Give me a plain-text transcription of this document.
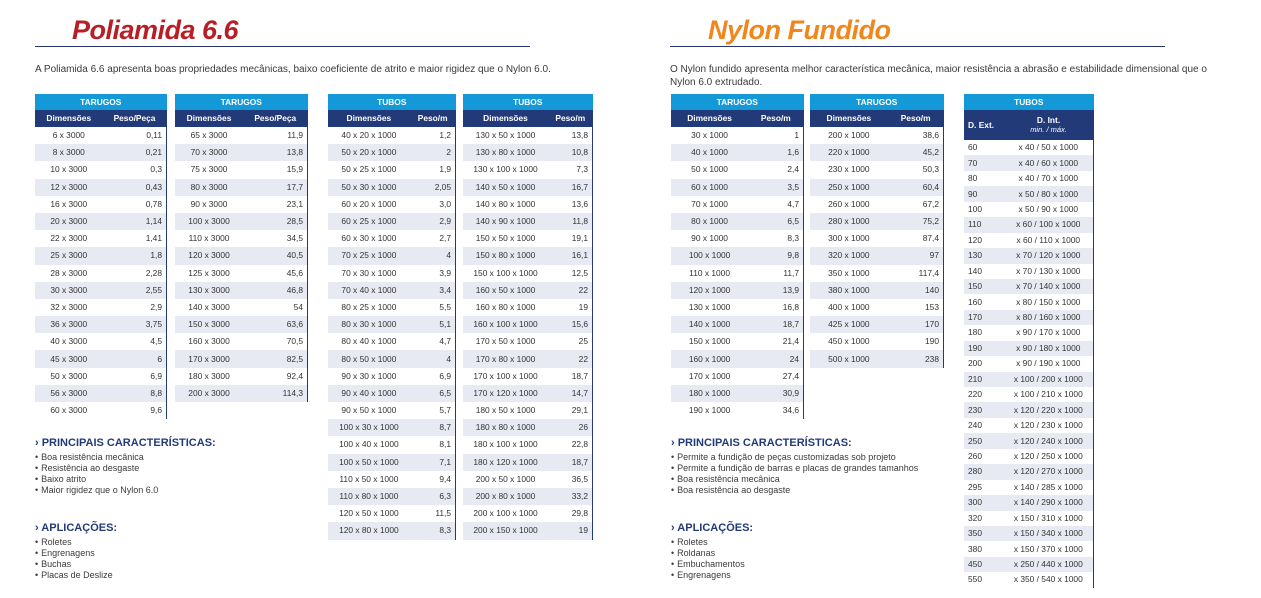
Poliamida 6.6

A Poliamida 6.6 apresenta boas propriedades mecânicas, baixo coeficiente de atrito e maior rigidez que o Nylon 6.0.

TARUGOS	
Dimensões	Peso/Peça
6 x 3000	0,11
8 x 3000	0,21
10 x 3000	0,3
12 x 3000	0,43
16 x 3000	0,78
20 x 3000	1,14
22 x 3000	1,41
25 x 3000	1,8
28 x 3000	2,28
30 x 3000	2,55
32 x 3000	2,9
36 x 3000	3,75
40 x 3000	4,5
45 x 3000	6
50 x 3000	6,9
56 x 3000	8,8
60 x 3000	9,6
TARUGOS	
Dimensões	Peso/Peça
65 x 3000	11,9
70 x 3000	13,8
75 x 3000	15,9
80 x 3000	17,7
90 x 3000	23,1
100 x 3000	28,5
110 x 3000	34,5
120 x 3000	40,5
125 x 3000	45,6
130 x 3000	46,8
140 x 3000	54
150 x 3000	63,6
160 x 3000	70,5
170 x 3000	82,5
180 x 3000	92,4
200 x 3000	114,3
TUBOS	
Dimensões	Peso/m
40 x 20 x 1000	1,2
50 x 20 x 1000	2
50 x 25 x 1000	1,9
50 x 30 x 1000	2,05
60 x 20 x 1000	3,0
60 x 25 x 1000	2,9
60 x 30 x 1000	2,7
70 x 25 x 1000	4
70 x 30 x 1000	3,9
70 x 40 x 1000	3,4
80 x 25 x 1000	5,5
80 x 30 x 1000	5,1
80 x 40 x 1000	4,7
80 x 50 x 1000	4
90 x 30 x 1000	6,9
90 x 40 x 1000	6,5
90 x 50 x 1000	5,7
100 x 30 x 1000	8,7
100 x 40 x 1000	8,1
100 x 50 x 1000	7,1
110 x 50 x 1000	9,4
110 x 80 x 1000	6,3
120 x 50 x 1000	11,5
120 x 80 x 1000	8,3
TUBOS	
Dimensões	Peso/m
130 x 50 x 1000	13,8
130 x 80 x 1000	10,8
130 x 100 x 1000	7,3
140 x 50 x 1000	16,7
140 x 80 x 1000	13,6
140 x 90 x 1000	11,8
150 x 50 x 1000	19,1
150 x 80 x 1000	16,1
150 x 100 x 1000	12,5
160 x 50 x 1000	22
160 x 80 x 1000	19
160 x 100 x 1000	15,6
170 x 50 x 1000	25
170 x 80 x 1000	22
170 x 100 x 1000	18,7
170 x 120 x 1000	14,7
180 x 50 x 1000	29,1
180 x 80 x 1000	26
180 x 100 x 1000	22,8
180 x 120 x 1000	18,7
200 x 50 x 1000	36,5
200 x 80 x 1000	33,2
200 x 100 x 1000	29,8
200 x 150 x 1000	19
› PRINCIPAIS CARACTERÍSTICAS:
• Boa resistência mecânica
• Resistência ao desgaste
• Baixo atrito
• Maior rigidez que o Nylon 6.0
› APLICAÇÕES:
• Roletes
• Engrenagens
• Buchas
• Placas de Deslize
Nylon Fundido

O Nylon fundido apresenta melhor característica mecânica, maior resistência a abrasão e estabilidade dimensional que o Nylon 6.0 extrudado.

TARUGOS	
Dimensões	Peso/m
30 x 1000	1
40 x 1000	1,6
50 x 1000	2,4
60 x 1000	3,5
70 x 1000	4,7
80 x 1000	6,5
90 x 1000	8,3
100 x 1000	9,8
110 x 1000	11,7
120 x 1000	13,9
130 x 1000	16,8
140 x 1000	18,7
150 x 1000	21,4
160 x 1000	24
170 x 1000	27,4
180 x 1000	30,9
190 x 1000	34,6
TARUGOS	
Dimensões	Peso/m
200 x 1000	38,6
220 x 1000	45,2
230 x 1000	50,3
250 x 1000	60,4
260 x 1000	67,2
280 x 1000	75,2
300 x 1000	87,4
320 x 1000	97
350 x 1000	117,4
380 x 1000	140
400 x 1000	153
425 x 1000	170
450 x 1000	190
500 x 1000	238
TUBOS	
D. Ext.	D. Int.
min. / máx.

60	x 40 / 50 x 1000
70	x 40 / 60 x 1000
80	x 40 / 70 x 1000
90	x 50 / 80 x 1000
100	x 50 / 90 x 1000
110	x 60 / 100 x 1000
120	x 60 / 110 x 1000
130	x 70 / 120 x 1000
140	x 70 / 130 x 1000
150	x 70 / 140 x 1000
160	x 80 / 150 x 1000
170	x 80 / 160 x 1000
180	x 90 / 170 x 1000
190	x 90 / 180 x 1000
200	x 90 / 190 x 1000
210	x 100 / 200 x 1000
220	x 100 / 210 x 1000
230	x 120 / 220 x 1000
240	x 120 / 230 x 1000
250	x 120 / 240 x 1000
260	x 120 / 250 x 1000
280	x 120 / 270 x 1000
295	x 140 / 285 x 1000
300	x 140 / 290 x 1000
320	x 150 / 310 x 1000
350	x 150 / 340 x 1000
380	x 150 / 370 x 1000
450	x 250 / 440 x 1000
550	x 350 / 540 x 1000
› PRINCIPAIS CARACTERÍSTICAS:
• Permite a fundição de peças customizadas sob projeto
• Permite a fundição de barras e placas de grandes tamanhos
• Boa resistência mecânica
• Boa resistência ao desgaste
› APLICAÇÕES:
• Roletes
• Roldanas
• Embuchamentos
• Engrenagens
